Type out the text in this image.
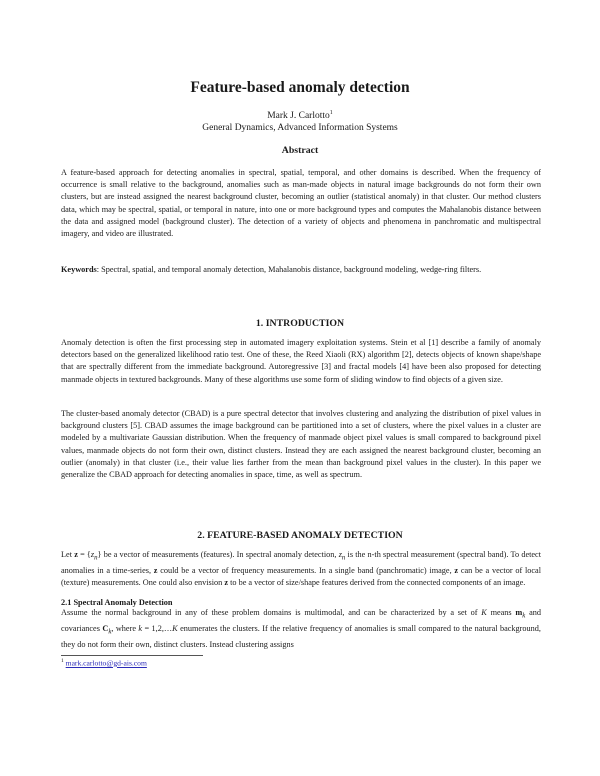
Feature-based anomaly detection
Mark J. Carlotto$^1$
General Dynamics, Advanced Information Systems
Abstract

A feature-based approach for detecting anomalies in spectral, spatial, temporal, and other domains is described. When the frequency of occurrence is small relative to the background, anomalies such as man-made objects in natural image backgrounds do not form their own clusters, but are instead assigned the nearest background cluster, becoming an outlier (statistical anomaly) in that cluster. Our method clusters data, which may be spectral, spatial, or temporal in nature, into one or more background types and computes the Mahalanobis distance between the data and assigned model (background cluster). The detection of a variety of objects and phenomena in panchromatic and multispectral imagery, and video are illustrated.

Keywords: Spectral, spatial, and temporal anomaly detection, Mahalanobis distance, background modeling, wedge-ring filters.

1. INTRODUCTION

Anomaly detection is often the first processing step in automated imagery exploitation systems. Stein et al [1] describe a family of anomaly detectors based on the generalized likelihood ratio test. One of these, the Reed Xiaoli (RX) algorithm [2], detects objects of known shape/shape that are spectrally different from the immediate background. Autoregressive [3] and fractal models [4] have been also proposed for detecting manmade objects in textured backgrounds. Many of these algorithms use some form of sliding window to find objects of a given size.

The cluster-based anomaly detector (CBAD) is a pure spectral detector that involves clustering and analyzing the distribution of pixel values in background clusters [5]. CBAD assumes the image background can be partitioned into a set of clusters, where the pixel values in a cluster are modeled by a multivariate Gaussian distribution. When the frequency of manmade object pixel values is small compared to background pixel values, manmade objects do not form their own, distinct clusters. Instead they are each assigned the nearest background cluster, becoming an outlier (anomaly) in that cluster (i.e., their value lies farther from the mean than background pixel values in the cluster). In this paper we generalize the CBAD approach for detecting anomalies in space, time, as well as spectrum.

2. FEATURE-BASED ANOMALY DETECTION

Let $z = \{z_n\}$ be a vector of measurements (features). In spectral anomaly detection, $z_n$ is the n-th spectral measurement (spectral band). To detect anomalies in a time-series, z could be a vector of frequency measurements. In a single band (panchromatic) image, z can be a vector of local (texture) measurements. One could also envision z to be a vector of size/shape features derived from the connected components of an image.

2.1 Spectral Anomaly Detection

Assume the normal background in any of these problem domains is multimodal, and can be characterized by a set of K means $m_k$ and covariances $C_k$, where k = 1,2,…K enumerates the clusters. If the relative frequency of anomalies is small compared to the natural background, they do not form their own, distinct clusters. Instead clustering assigns

$^1$ mark.carlotto@gd-ais.com
